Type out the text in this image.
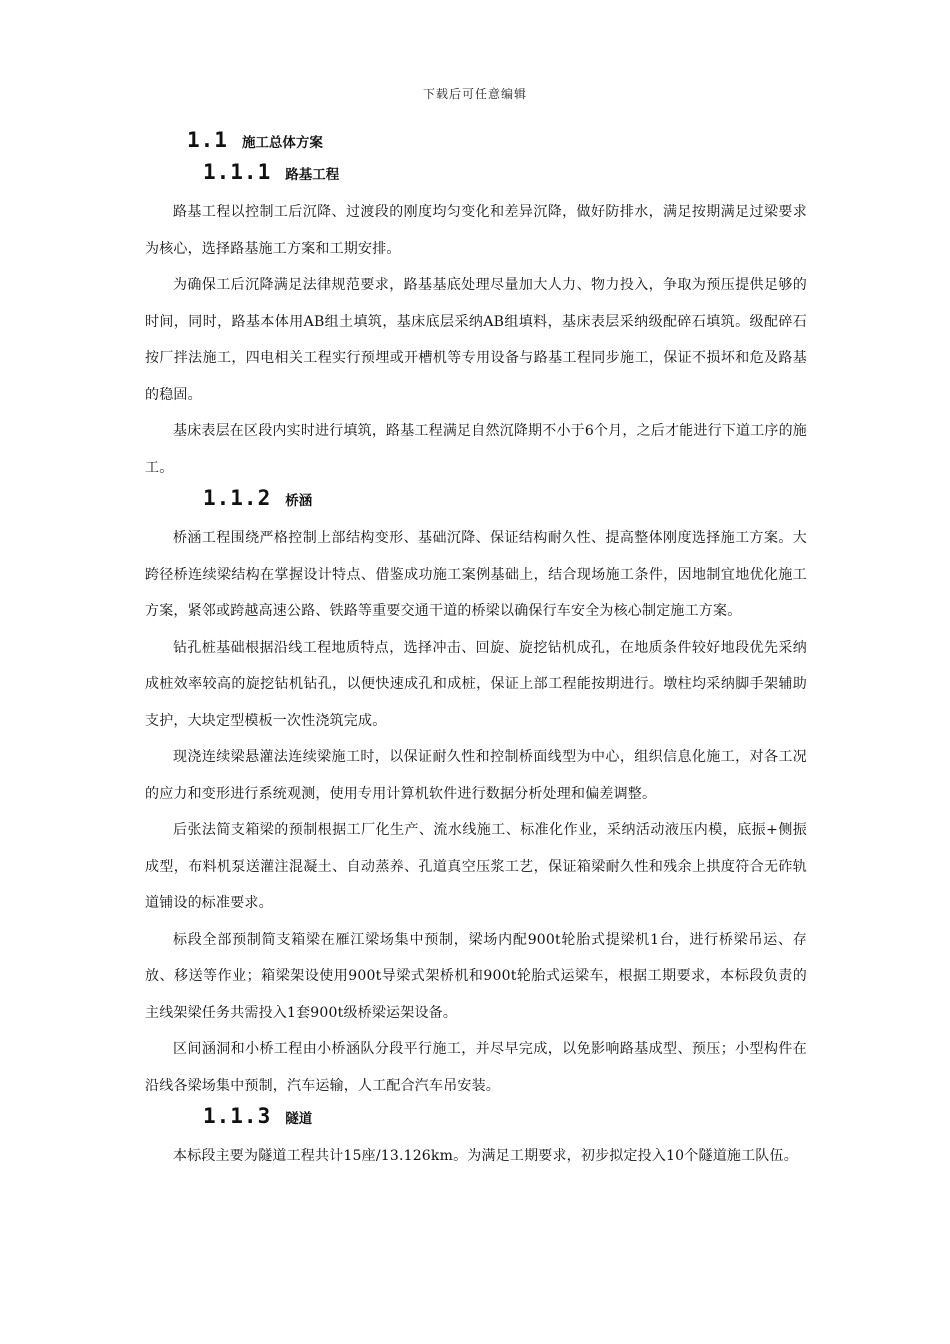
下载后可任意编辑
1.1 施工总体方案
1.1.1 路基工程

路基工程以控制工后沉降、过渡段的刚度均匀变化和差异沉降，做好防排水，满足按期满足过梁要求为核心，选择路基施工方案和工期安排。

为确保工后沉降满足法律规范要求，路基基底处理尽量加大人力、物力投入，争取为预压提供足够的时间，同时，路基本体用AB组土填筑，基床底层采纳AB组填料，基床表层采纳级配碎石填筑。级配碎石按厂拌法施工，四电相关工程实行预埋或开槽机等专用设备与路基工程同步施工，保证不损坏和危及路基的稳固。

基床表层在区段内实时进行填筑，路基工程满足自然沉降期不小于6个月，之后才能进行下道工序的施工。

1.1.2 桥涵

桥涵工程围绕严格控制上部结构变形、基础沉降、保证结构耐久性、提高整体刚度选择施工方案。大跨径桥连续梁结构在掌握设计特点、借鉴成功施工案例基础上，结合现场施工条件，因地制宜地优化施工方案，紧邻或跨越高速公路、铁路等重要交通干道的桥梁以确保行车安全为核心制定施工方案。

钻孔桩基础根据沿线工程地质特点，选择冲击、回旋、旋挖钻机成孔，在地质条件较好地段优先采纳成桩效率较高的旋挖钻机钻孔，以便快速成孔和成桩，保证上部工程能按期进行。墩柱均采纳脚手架辅助支护，大块定型模板一次性浇筑完成。

现浇连续梁悬灌法连续梁施工时，以保证耐久性和控制桥面线型为中心，组织信息化施工，对各工况的应力和变形进行系统观测，使用专用计算机软件进行数据分析处理和偏差调整。

后张法简支箱梁的预制根据工厂化生产、流水线施工、标准化作业，采纳活动液压内模，底振+侧振成型，布料机泵送灌注混凝土、自动蒸养、孔道真空压浆工艺，保证箱梁耐久性和残余上拱度符合无砟轨道铺设的标准要求。

标段全部预制简支箱梁在雁江梁场集中预制，梁场内配900t轮胎式提梁机1台，进行桥梁吊运、存放、移送等作业；箱梁架设使用900t导梁式架桥机和900t轮胎式运梁车，根据工期要求，本标段负责的主线架梁任务共需投入1套900t级桥梁运架设备。

区间涵洞和小桥工程由小桥涵队分段平行施工，并尽早完成，以免影响路基成型、预压；小型构件在沿线各梁场集中预制，汽车运输，人工配合汽车吊安装。

1.1.3 隧道

本标段主要为隧道工程共计15座/13.126km。为满足工期要求，初步拟定投入10个隧道施工队伍。
